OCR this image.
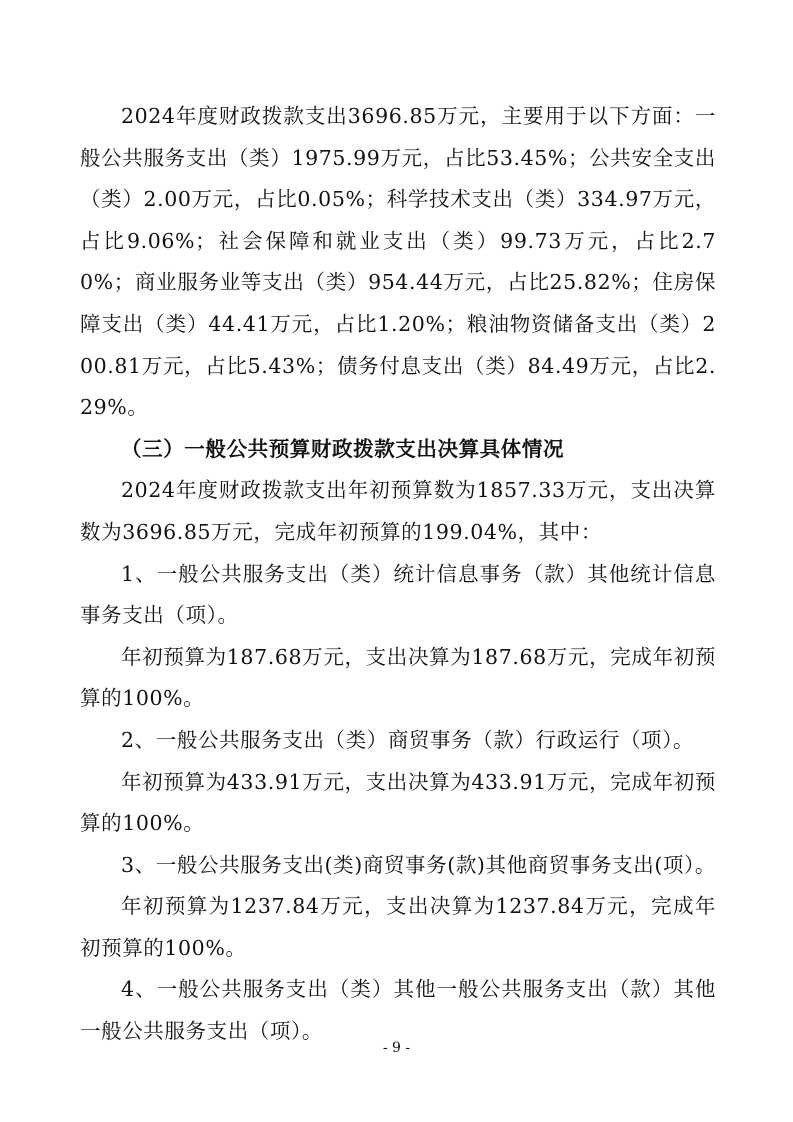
2024年度财政拨款支出3696.85万元，主要用于以下方面：一般公共服务支出（类）1975.99万元，占比53.45%；公共安全支出（类）2.00万元，占比0.05%；科学技术支出（类）334.97万元，占比9.06%；社会保障和就业支出（类）99.73万元，占比2.70%；商业服务业等支出（类）954.44万元，占比25.82%；住房保障支出（类）44.41万元，占比1.20%；粮油物资储备支出（类）200.81万元，占比5.43%；债务付息支出（类）84.49万元，占比2.29%。

（三）一般公共预算财政拨款支出决算具体情况

2024年度财政拨款支出年初预算数为1857.33万元，支出决算数为3696.85万元，完成年初预算的199.04%，其中：

1、一般公共服务支出（类）统计信息事务（款）其他统计信息事务支出（项）。

年初预算为187.68万元，支出决算为187.68万元，完成年初预算的100%。

2、一般公共服务支出（类）商贸事务（款）行政运行（项）。

年初预算为433.91万元，支出决算为433.91万元，完成年初预算的100%。

3、一般公共服务支出(类)商贸事务(款)其他商贸事务支出(项）。

年初预算为1237.84万元，支出决算为1237.84万元，完成年初预算的100%。

4、一般公共服务支出（类）其他一般公共服务支出（款）其他一般公共服务支出（项）。

- 9 -
